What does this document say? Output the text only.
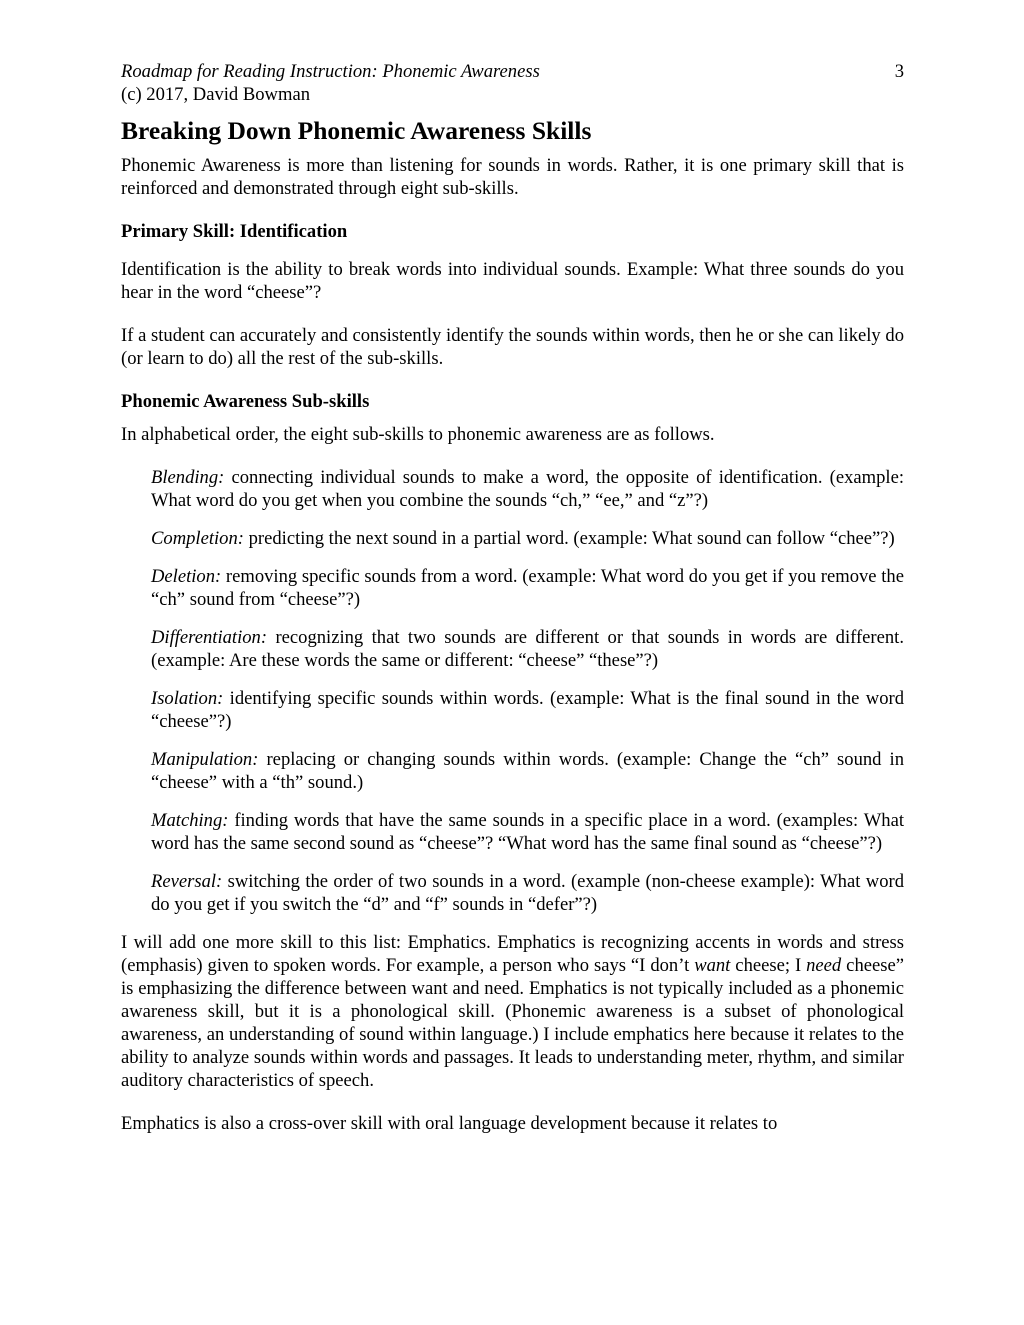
Roadmap for Reading Instruction: Phonemic Awareness	3
(c) 2017, David Bowman
Breaking Down Phonemic Awareness Skills

Phonemic Awareness is more than listening for sounds in words. Rather, it is one primary skill that is reinforced and demonstrated through eight sub-skills.

Primary Skill: Identification

Identification is the ability to break words into individual sounds. Example: What three sounds do you hear in the word “cheese”?

If a student can accurately and consistently identify the sounds within words, then he or she can likely do (or learn to do) all the rest of the sub-skills.

Phonemic Awareness Sub-skills

In alphabetical order, the eight sub-skills to phonemic awareness are as follows.

Blending: connecting individual sounds to make a word, the opposite of identification. (example: What word do you get when you combine the sounds “ch,” “ee,” and “z”?)

Completion: predicting the next sound in a partial word. (example: What sound can follow “chee”?)

Deletion: removing specific sounds from a word. (example: What word do you get if you remove the “ch” sound from “cheese”?)

Differentiation: recognizing that two sounds are different or that sounds in words are different. (example: Are these words the same or different: “cheese” “these”?)

Isolation: identifying specific sounds within words. (example: What is the final sound in the word “cheese”?)

Manipulation: replacing or changing sounds within words. (example: Change the “ch” sound in “cheese” with a “th” sound.)

Matching: finding words that have the same sounds in a specific place in a word. (examples: What word has the same second sound as “cheese”? “What word has the same final sound as “cheese”?)

Reversal: switching the order of two sounds in a word. (example (non-cheese example): What word do you get if you switch the “d” and “f” sounds in “defer”?)

I will add one more skill to this list: Emphatics. Emphatics is recognizing accents in words and stress (emphasis) given to spoken words. For example, a person who says “I don’t want cheese; I need cheese” is emphasizing the difference between want and need. Emphatics is not typically included as a phonemic awareness skill, but it is a phonological skill. (Phonemic awareness is a subset of phonological awareness, an understanding of sound within language.) I include emphatics here because it relates to the ability to analyze sounds within words and passages. It leads to understanding meter, rhythm, and similar auditory characteristics of speech.

Emphatics is also a cross-over skill with oral language development because it relates to
